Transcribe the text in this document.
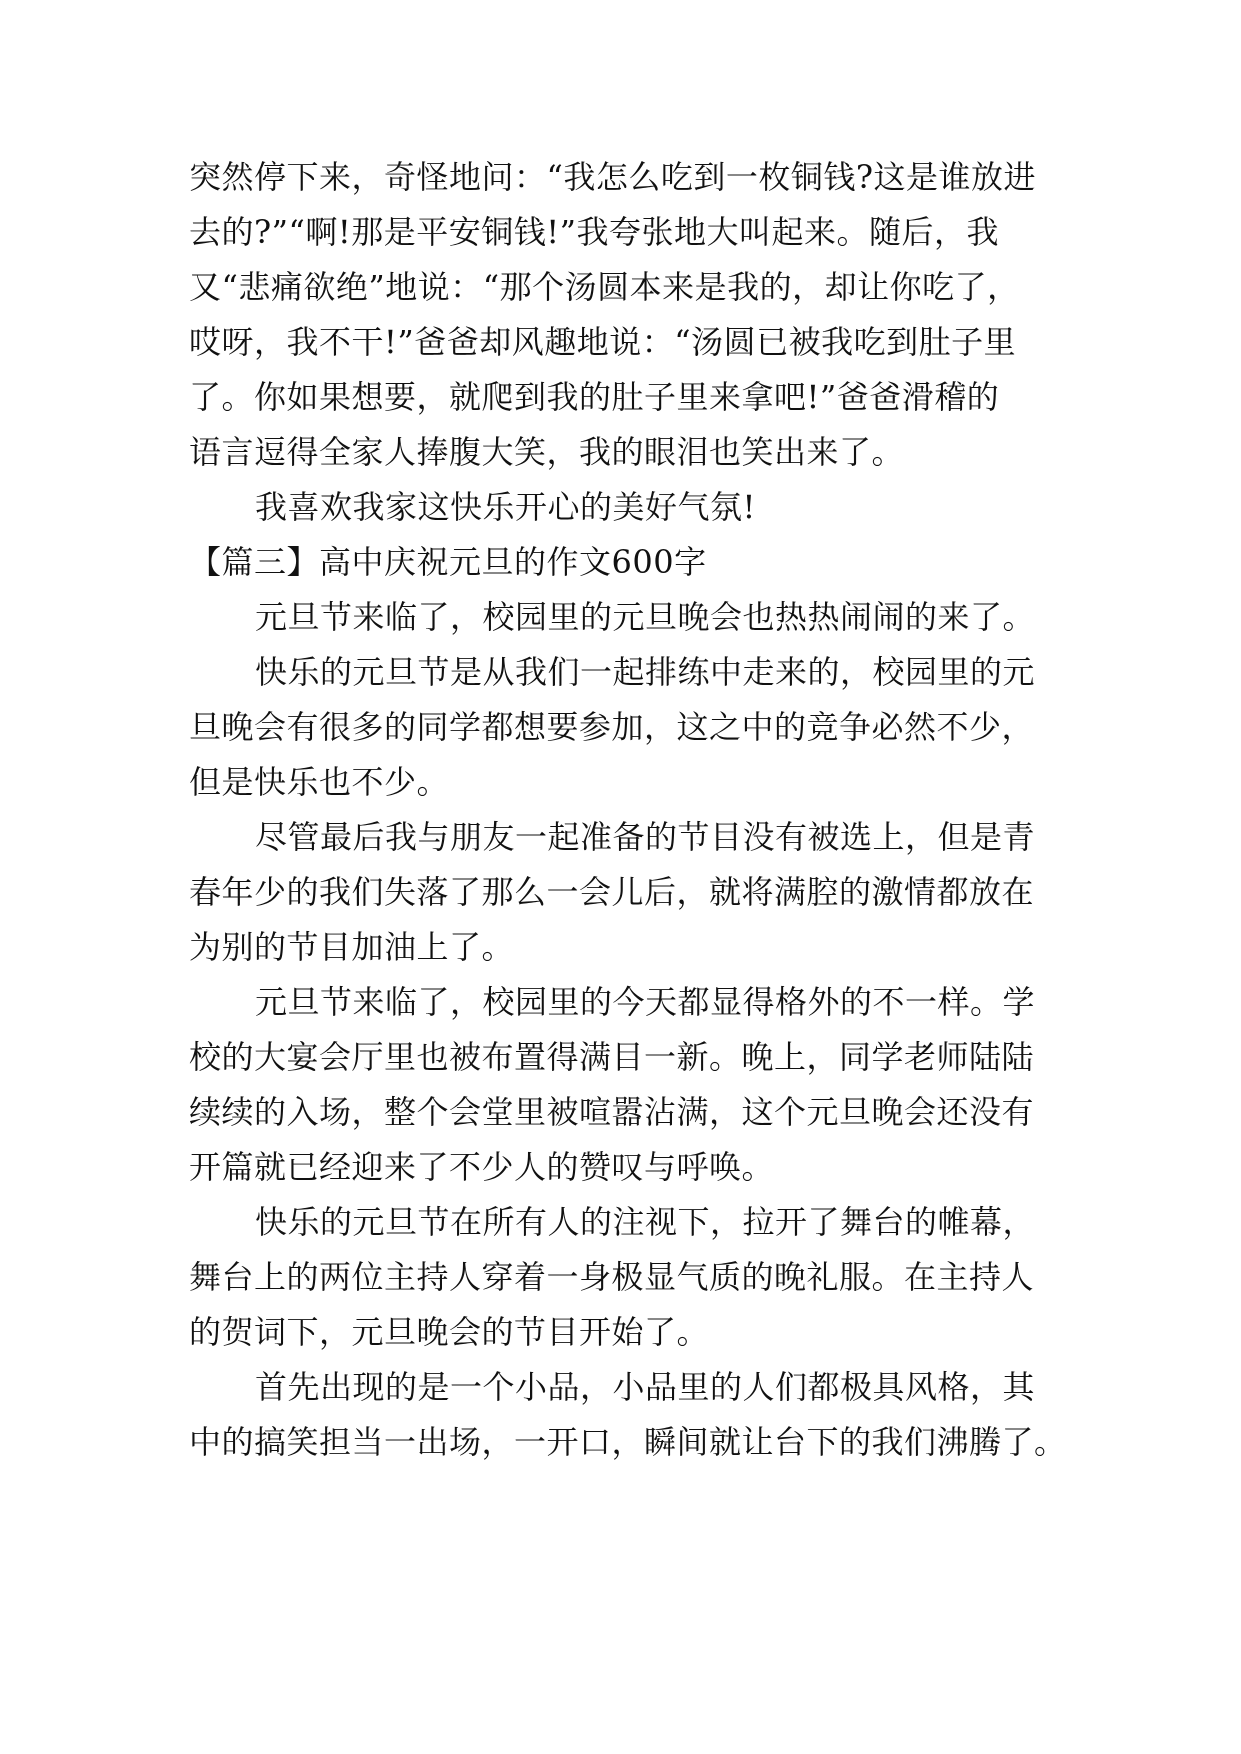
突然停下来，奇怪地问：“我怎么吃到一枚铜钱?这是谁放进
去的?”“啊!那是平安铜钱!”我夸张地大叫起来。随后，我
又“悲痛欲绝”地说：“那个汤圆本来是我的，却让你吃了，
哎呀，我不干!”爸爸却风趣地说：“汤圆已被我吃到肚子里
了。你如果想要，就爬到我的肚子里来拿吧!”爸爸滑稽的
语言逗得全家人捧腹大笑，我的眼泪也笑出来了。
我喜欢我家这快乐开心的美好气氛!
【篇三】高中庆祝元旦的作文600字
元旦节来临了，校园里的元旦晚会也热热闹闹的来了。
快乐的元旦节是从我们一起排练中走来的，校园里的元
旦晚会有很多的同学都想要参加，这之中的竞争必然不少，
但是快乐也不少。
尽管最后我与朋友一起准备的节目没有被选上，但是青
春年少的我们失落了那么一会儿后，就将满腔的激情都放在
为别的节目加油上了。
元旦节来临了，校园里的今天都显得格外的不一样。学
校的大宴会厅里也被布置得满目一新。晚上，同学老师陆陆
续续的入场，整个会堂里被喧嚣沾满，这个元旦晚会还没有
开篇就已经迎来了不少人的赞叹与呼唤。
快乐的元旦节在所有人的注视下，拉开了舞台的帷幕，
舞台上的两位主持人穿着一身极显气质的晚礼服。在主持人
的贺词下，元旦晚会的节目开始了。
首先出现的是一个小品，小品里的人们都极具风格，其
中的搞笑担当一出场，一开口，瞬间就让台下的我们沸腾了。
